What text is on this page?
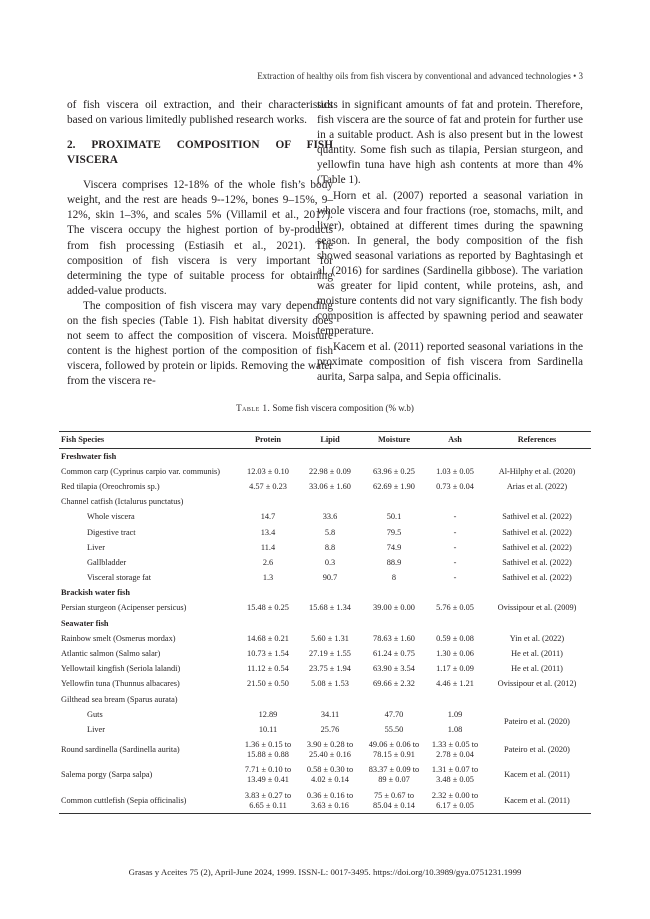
Extraction of healthy oils from fish viscera by conventional and advanced technologies • 3

of fish viscera oil extraction, and their characteristics based on various limitedly published research works.

2. PROXIMATE COMPOSITION OF FISH VISCERA

Viscera comprises 12-18% of the whole fish’s body weight, and the rest are heads 9--12%, bones 9–15%, 9–12%, skin 1–3%, and scales 5% (Villamil et al., 2017). The viscera occupy the highest portion of by-products from fish processing (Estiasih et al., 2021). The composition of fish viscera is very important for determining the type of suitable process for obtaining added-value products.

The composition of fish viscera may vary depending on the fish species (Table 1). Fish habitat diversity does not seem to affect the composition of viscera. Moisture content is the highest portion of the composition of fish viscera, followed by protein or lipids. Removing the water from the viscera re-

sults in significant amounts of fat and protein. Therefore, fish viscera are the source of fat and protein for further use in a suitable product. Ash is also present but in the lowest quantity. Some fish such as tilapia, Persian sturgeon, and yellowfin tuna have high ash contents at more than 4% (Table 1).

Horn et al. (2007) reported a seasonal variation in whole viscera and four fractions (roe, stomachs, milt, and liver), obtained at different times during the spawning season. In general, the body composition of the fish showed seasonal variations as reported by Baghtasingh et al. (2016) for sardines (Sardinella gibbose). The variation was greater for lipid content, while proteins, ash, and moisture contents did not vary significantly. The fish body composition is affected by spawning period and seawater temperature.

Kacem et al. (2011) reported seasonal variations in the proximate composition of fish viscera from Sardinella aurita, Sarpa salpa, and Sepia officinalis.

Table 1. Some fish viscera composition (% w.b)
Fish Species	Protein	Lipid	Moisture	Ash	References
Freshwater fish					
Common carp (Cyprinus carpio var. communis)	12.03 ± 0.10	22.98 ± 0.09	63.96 ± 0.25	1.03 ± 0.05	Al-Hilphy et al. (2020)
Red tilapia (Oreochromis sp.)	4.57 ± 0.23	33.06 ± 1.60	62.69 ± 1.90	0.73 ± 0.04	Arias et al. (2022)
Channel catfish (Ictalurus punctatus)					
Whole viscera	14.7	33.6	50.1	-	Sathivel et al. (2022)
Digestive tract	13.4	5.8	79.5	-	Sathivel et al. (2022)
Liver	11.4	8.8	74.9	-	Sathivel et al. (2022)
Gallbladder	2.6	0.3	88.9	-	Sathivel et al. (2022)
Visceral storage fat	1.3	90.7	8	-	Sathivel et al. (2022)
Brackish water fish					
Persian sturgeon (Acipenser persicus)	15.48 ± 0.25	15.68 ± 1.34	39.00 ± 0.00	5.76 ± 0.05	Ovissipour et al. (2009)
Seawater fish					
Rainbow smelt (Osmerus mordax)	14.68 ± 0.21	5.60 ± 1.31	78.63 ± 1.60	0.59 ± 0.08	Yin et al. (2022)
Atlantic salmon (Salmo salar)	10.73 ± 1.54	27.19 ± 1.55	61.24 ± 0.75	1.30 ± 0.06	He et al. (2011)
Yellowtail kingfish (Seriola lalandi)	11.12 ± 0.54	23.75 ± 1.94	63.90 ± 3.54	1.17 ± 0.09	He et al. (2011)
Yellowfin tuna (Thunnus albacares)	21.50 ± 0.50	5.08 ± 1.53	69.66 ± 2.32	4.46 ± 1.21	Ovissipour et al. (2012)
Gilthead sea bream (Sparus aurata)					
Guts	12.89	34.11	47.70	1.09	Pateiro et al. (2020)
Liver	10.11	25.76	55.50	1.08	
Round sardinella (Sardinella aurita)	1.36 ± 0.15 to
15.88 ± 0.88	3.90 ± 0.28 to
25.40 ± 0.16	49.06 ± 0.06 to
78.15 ± 0.91	1.33 ± 0.05 to
2.78 ± 0.04	Pateiro et al. (2020)
Salema porgy (Sarpa salpa)	7.71 ± 0.10 to
13.49 ± 0.41	0.58 ± 0.30 to
4.02 ± 0.14	83.37 ± 0.09 to
89 ± 0.07	1.31 ± 0.07 to
3.48 ± 0.05	Kacem et al. (2011)
Common cuttlefish (Sepia officinalis)	3.83 ± 0.27 to
6.65 ± 0.11	0.36 ± 0.16 to
3.63 ± 0.16	75 ± 0.67 to
85.04 ± 0.14	2.32 ± 0.00 to
6.17 ± 0.05	Kacem et al. (2011)
Grasas y Aceites 75 (2), April-June 2024, 1999. ISSN-L: 0017-3495. https://doi.org/10.3989/gya.0751231.1999
